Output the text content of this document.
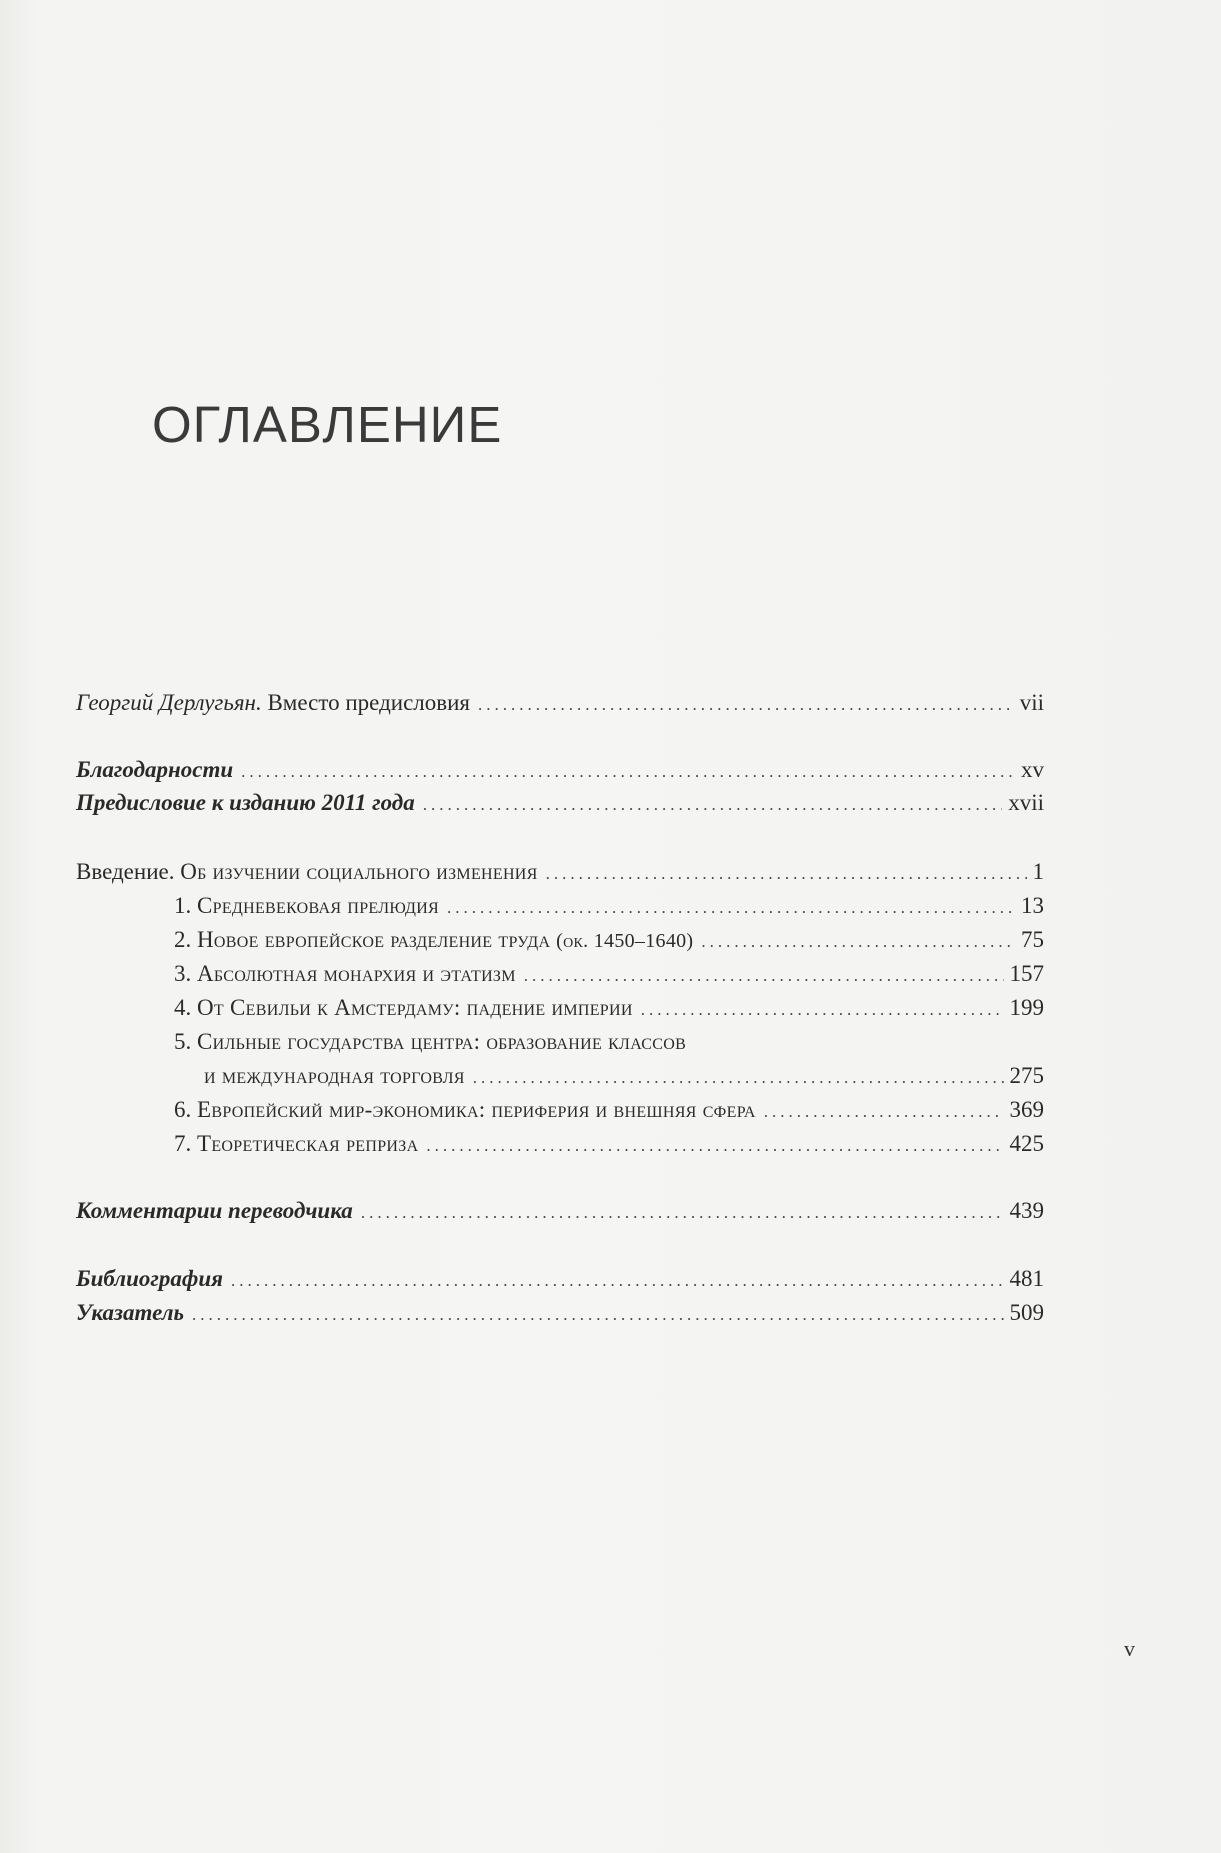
ОГЛАВЛЕНИЕ
Георгий Дерлугьян. Вместо предисловия .....	vii
Благодарности .....	xv
Предисловие к изданию 2011 года .....	xvii
Введение. Об изучении социального изменения .....	1
1. Средневековая прелюдия .....	13
2. Новое европейское разделение труда (ок. 1450–1640) .....	75
3. Абсолютная монархия и этатизм .....	157
4. От Севильи к Амстердаму: падение империи .....	199
5. Сильные государства центра: образование классов
и международная торговля .....	275
6. Европейский мир-экономика: периферия и внешняя сфера .....	369
7. Теоретическая реприза .....	425
Комментарии переводчика .....	439
Библиография .....	481
Указатель .....	509
v
